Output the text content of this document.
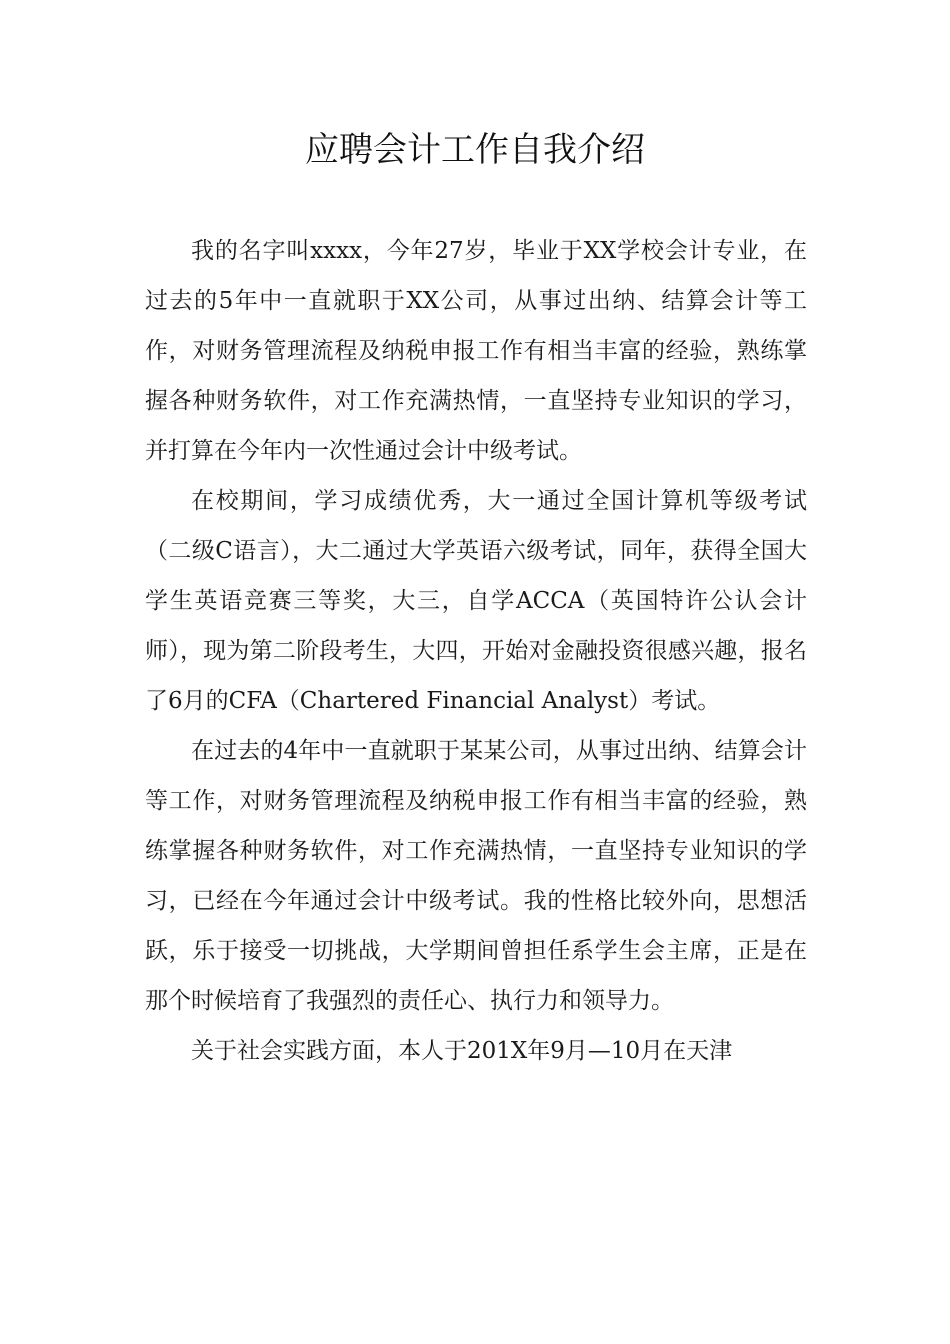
应聘会计工作自我介绍

我的名字叫xxxx，今年27岁，毕业于XX学校会计专业，在过去的5年中一直就职于XX公司，从事过出纳、结算会计等工作，对财务管理流程及纳税申报工作有相当丰富的经验，熟练掌握各种财务软件，对工作充满热情，一直坚持专业知识的学习，并打算在今年内一次性通过会计中级考试。

在校期间，学习成绩优秀，大一通过全国计算机等级考试（二级C语言），大二通过大学英语六级考试，同年，获得全国大学生英语竞赛三等奖，大三，自学ACCA（英国特许公认会计师），现为第二阶段考生，大四，开始对金融投资很感兴趣，报名了6月的CFA（Chartered Financial Analyst）考试。

在过去的4年中一直就职于某某公司，从事过出纳、结算会计等工作，对财务管理流程及纳税申报工作有相当丰富的经验，熟练掌握各种财务软件，对工作充满热情，一直坚持专业知识的学习，已经在今年通过会计中级考试。我的性格比较外向，思想活跃，乐于接受一切挑战，大学期间曾担任系学生会主席，正是在那个时候培育了我强烈的责任心、执行力和领导力。

关于社会实践方面，本人于201X年9月—10月在天津
